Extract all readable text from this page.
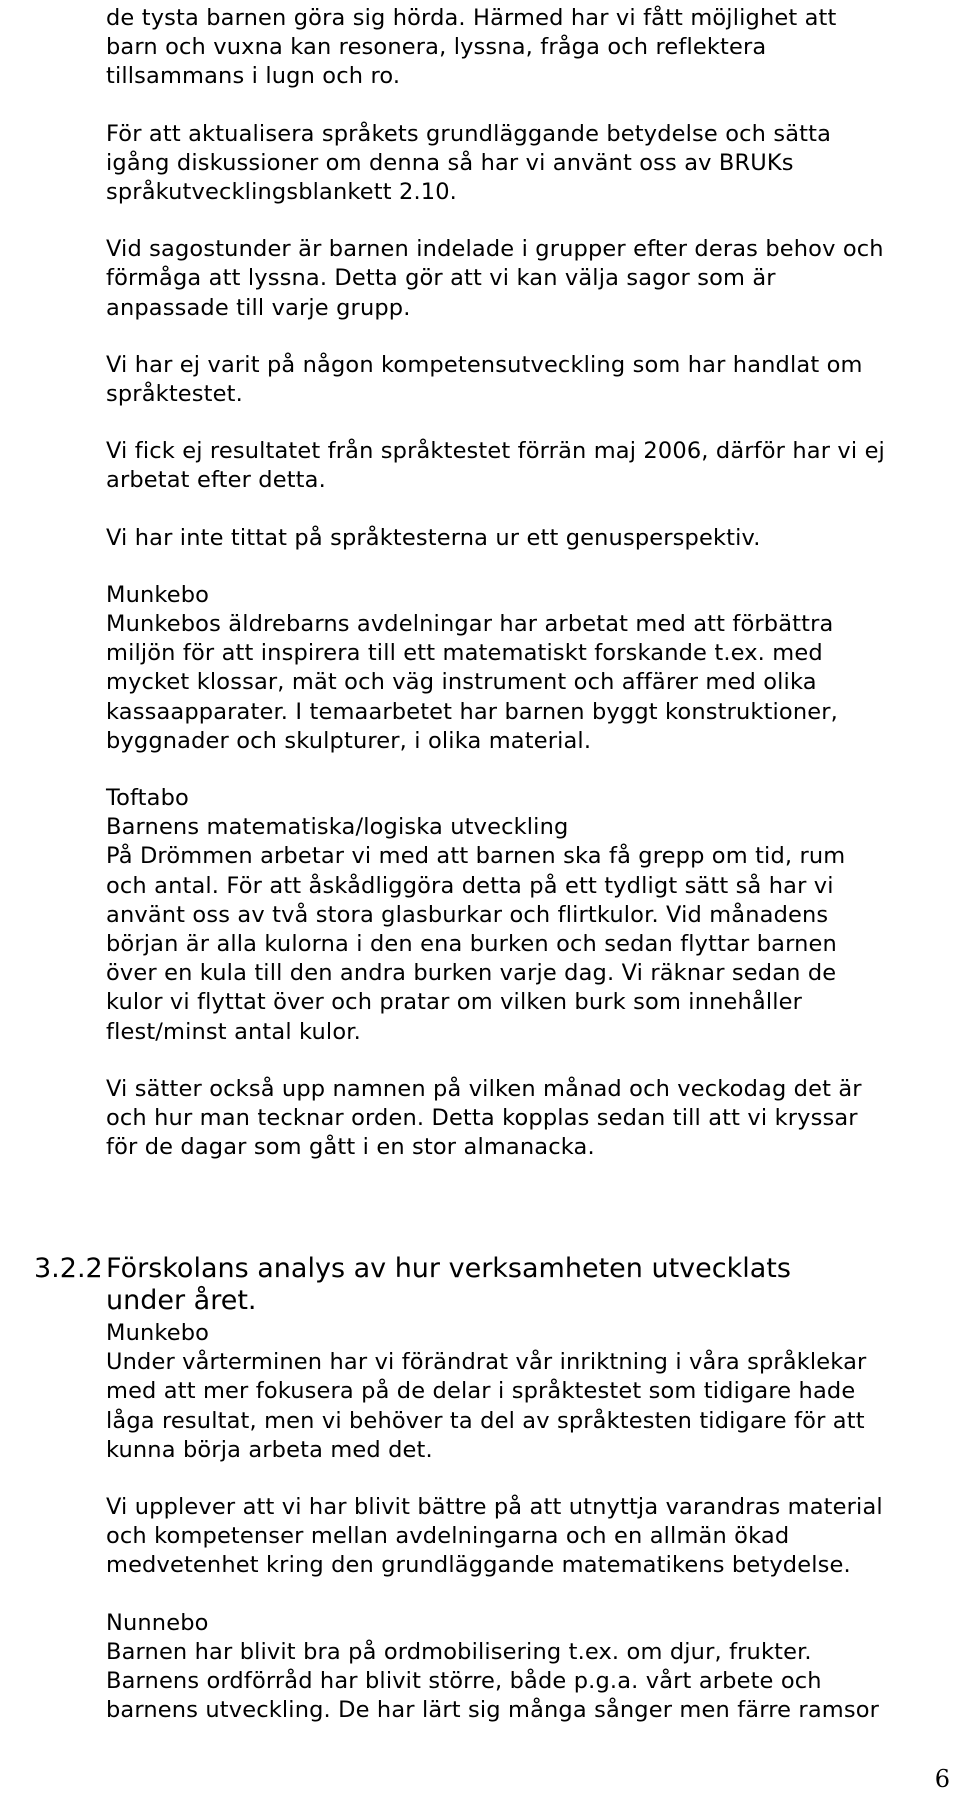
de tysta barnen göra sig hörda. Härmed har vi fått möjlighet att
barn och vuxna kan resonera, lyssna, fråga och reflektera
tillsammans i lugn och ro.
För att aktualisera språkets grundläggande betydelse och sätta
igång diskussioner om denna så har vi använt oss av BRUKs
språkutvecklingsblankett 2.10.
Vid sagostunder är barnen indelade i grupper efter deras behov och
förmåga att lyssna. Detta gör att vi kan välja sagor som är
anpassade till varje grupp.
Vi har ej varit på någon kompetensutveckling som har handlat om
språktestet.
Vi fick ej resultatet från språktestet förrän maj 2006, därför har vi ej
arbetat efter detta.
Vi har inte tittat på språktesterna ur ett genusperspektiv.
Munkebo
Munkebos äldrebarns avdelningar har arbetat med att förbättra
miljön för att inspirera till ett matematiskt forskande t.ex. med
mycket klossar, mät och väg instrument och affärer med olika
kassaapparater. I temaarbetet har barnen byggt konstruktioner,
byggnader och skulpturer, i olika material.
Toftabo
Barnens matematiska/logiska utveckling
På Drömmen arbetar vi med att barnen ska få grepp om tid, rum
och antal. För att åskådliggöra detta på ett tydligt sätt så har vi
använt oss av två stora glasburkar och flirtkulor. Vid månadens
början är alla kulorna i den ena burken och sedan flyttar barnen
över en kula till den andra burken varje dag. Vi räknar sedan de
kulor vi flyttat över och pratar om vilken burk som innehåller
flest/minst antal kulor.
Vi sätter också upp namnen på vilken månad och veckodag det är
och hur man tecknar orden. Detta kopplas sedan till att vi kryssar
för de dagar som gått i en stor almanacka.
3.2.2 Förskolans analys av hur verksamheten utvecklats
under året.
Munkebo
Under vårterminen har vi förändrat vår inriktning i våra språklekar
med att mer fokusera på de delar i språktestet som tidigare hade
låga resultat, men vi behöver ta del av språktesten tidigare för att
kunna börja arbeta med det.
Vi upplever att vi har blivit bättre på att utnyttja varandras material
och kompetenser mellan avdelningarna och en allmän ökad
medvetenhet kring den grundläggande matematikens betydelse.
Nunnebo
Barnen har blivit bra på ordmobilisering t.ex. om djur, frukter.
Barnens ordförråd har blivit större, både p.g.a. vårt arbete och
barnens utveckling. De har lärt sig många sånger men färre ramsor
6
